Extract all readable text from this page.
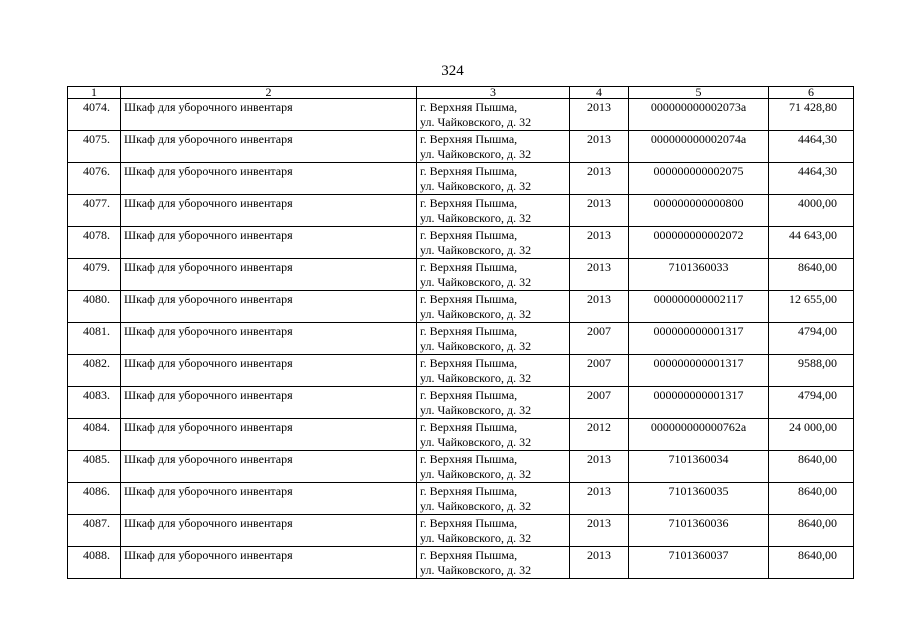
324
1	2	3	4	5	6
4074.	Шкаф для уборочного инвентаря	г. Верхняя Пышма,
ул. Чайковского, д. 32	2013	000000000002073а	71 428,80
4075.	Шкаф для уборочного инвентаря	г. Верхняя Пышма,
ул. Чайковского, д. 32	2013	000000000002074а	4464,30
4076.	Шкаф для уборочного инвентаря	г. Верхняя Пышма,
ул. Чайковского, д. 32	2013	000000000002075	4464,30
4077.	Шкаф для уборочного инвентаря	г. Верхняя Пышма,
ул. Чайковского, д. 32	2013	000000000000800	4000,00
4078.	Шкаф для уборочного инвентаря	г. Верхняя Пышма,
ул. Чайковского, д. 32	2013	000000000002072	44 643,00
4079.	Шкаф для уборочного инвентаря	г. Верхняя Пышма,
ул. Чайковского, д. 32	2013	7101360033	8640,00
4080.	Шкаф для уборочного инвентаря	г. Верхняя Пышма,
ул. Чайковского, д. 32	2013	000000000002117	12 655,00
4081.	Шкаф для уборочного инвентаря	г. Верхняя Пышма,
ул. Чайковского, д. 32	2007	000000000001317	4794,00
4082.	Шкаф для уборочного инвентаря	г. Верхняя Пышма,
ул. Чайковского, д. 32	2007	000000000001317	9588,00
4083.	Шкаф для уборочного инвентаря	г. Верхняя Пышма,
ул. Чайковского, д. 32	2007	000000000001317	4794,00
4084.	Шкаф для уборочного инвентаря	г. Верхняя Пышма,
ул. Чайковского, д. 32	2012	000000000000762а	24 000,00
4085.	Шкаф для уборочного инвентаря	г. Верхняя Пышма,
ул. Чайковского, д. 32	2013	7101360034	8640,00
4086.	Шкаф для уборочного инвентаря	г. Верхняя Пышма,
ул. Чайковского, д. 32	2013	7101360035	8640,00
4087.	Шкаф для уборочного инвентаря	г. Верхняя Пышма,
ул. Чайковского, д. 32	2013	7101360036	8640,00
4088.	Шкаф для уборочного инвентаря	г. Верхняя Пышма,
ул. Чайковского, д. 32	2013	7101360037	8640,00
